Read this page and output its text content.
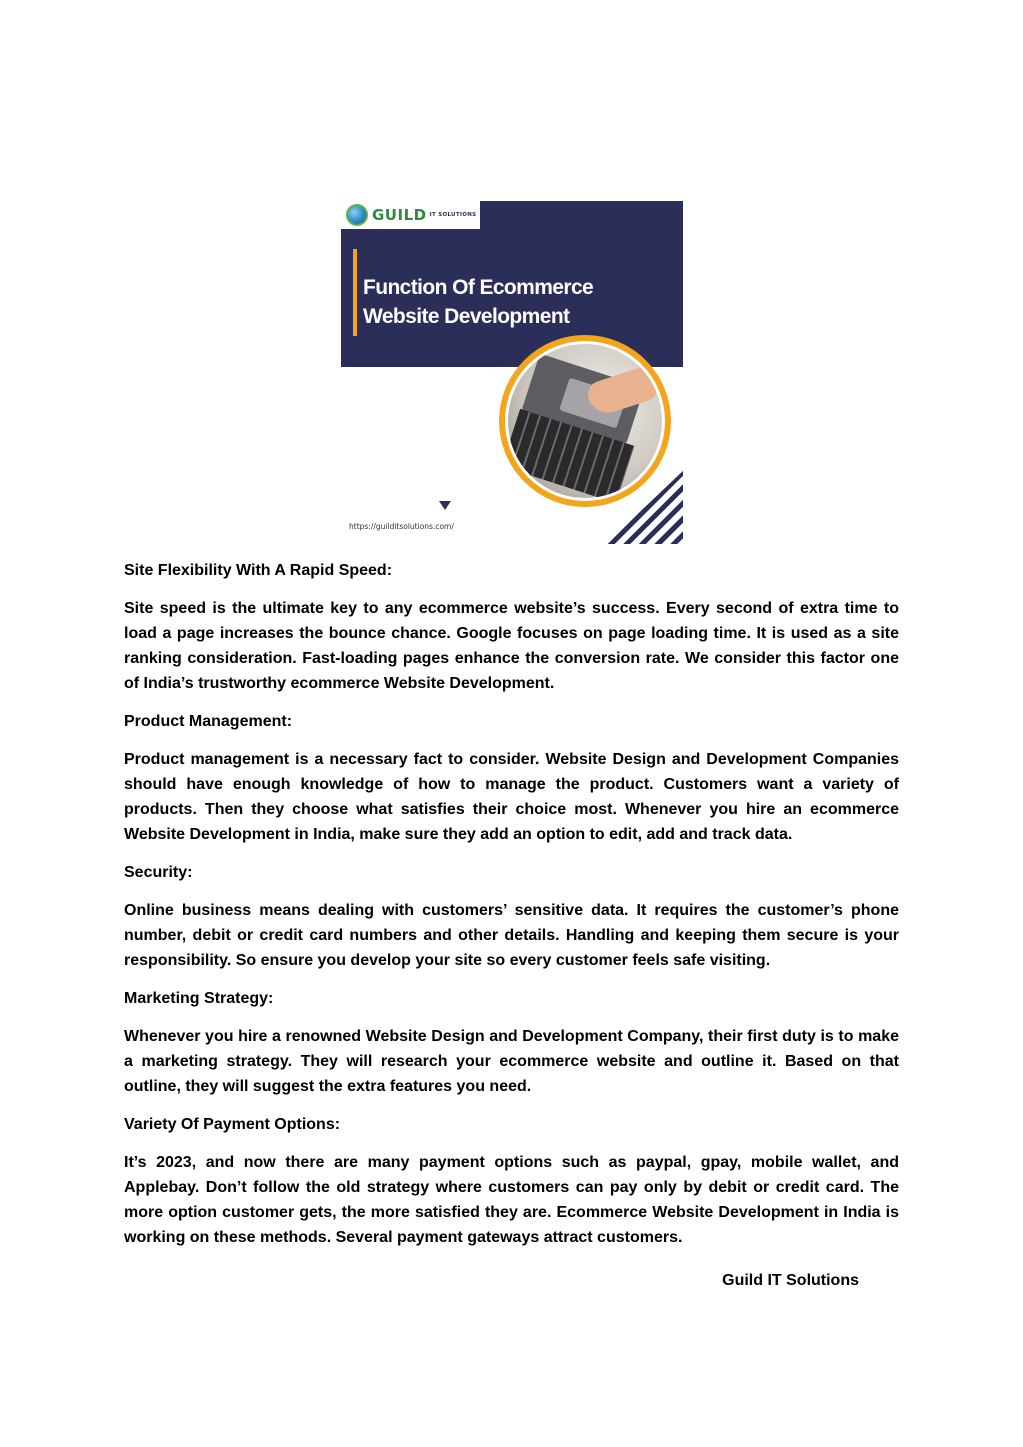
GUILD IT SOLUTIONS
Function Of Ecommerce Website Development
https://guilditsolutions.com/
Site Flexibility With A Rapid Speed:

Site speed is the ultimate key to any ecommerce website’s success. Every second of extra time to load a page increases the bounce chance. Google focuses on page loading time. It is used as a site ranking consideration. Fast-loading pages enhance the conversion rate. We consider this factor one of India’s trustworthy ecommerce Website Development.

Product Management:

Product management is a necessary fact to consider. Website Design and Development Companies should have enough knowledge of how to manage the product. Customers want a variety of products. Then they choose what satisfies their choice most. Whenever you hire an ecommerce Website Development in India, make sure they add an option to edit, add and track data.

Security:

Online business means dealing with customers’ sensitive data. It requires the customer’s phone number, debit or credit card numbers and other details. Handling and keeping them secure is your responsibility. So ensure you develop your site so every customer feels safe visiting.

Marketing Strategy:

Whenever you hire a renowned Website Design and Development Company, their first duty is to make a marketing strategy. They will research your ecommerce website and outline it. Based on that outline, they will suggest the extra features you need.

Variety Of Payment Options:

It’s 2023, and now there are many payment options such as paypal, gpay, mobile wallet, and Applebay. Don’t follow the old strategy where customers can pay only by debit or credit card. The more option customer gets, the more satisfied they are. Ecommerce Website Development in India is working on these methods. Several payment gateways attract customers.

Guild IT Solutions
